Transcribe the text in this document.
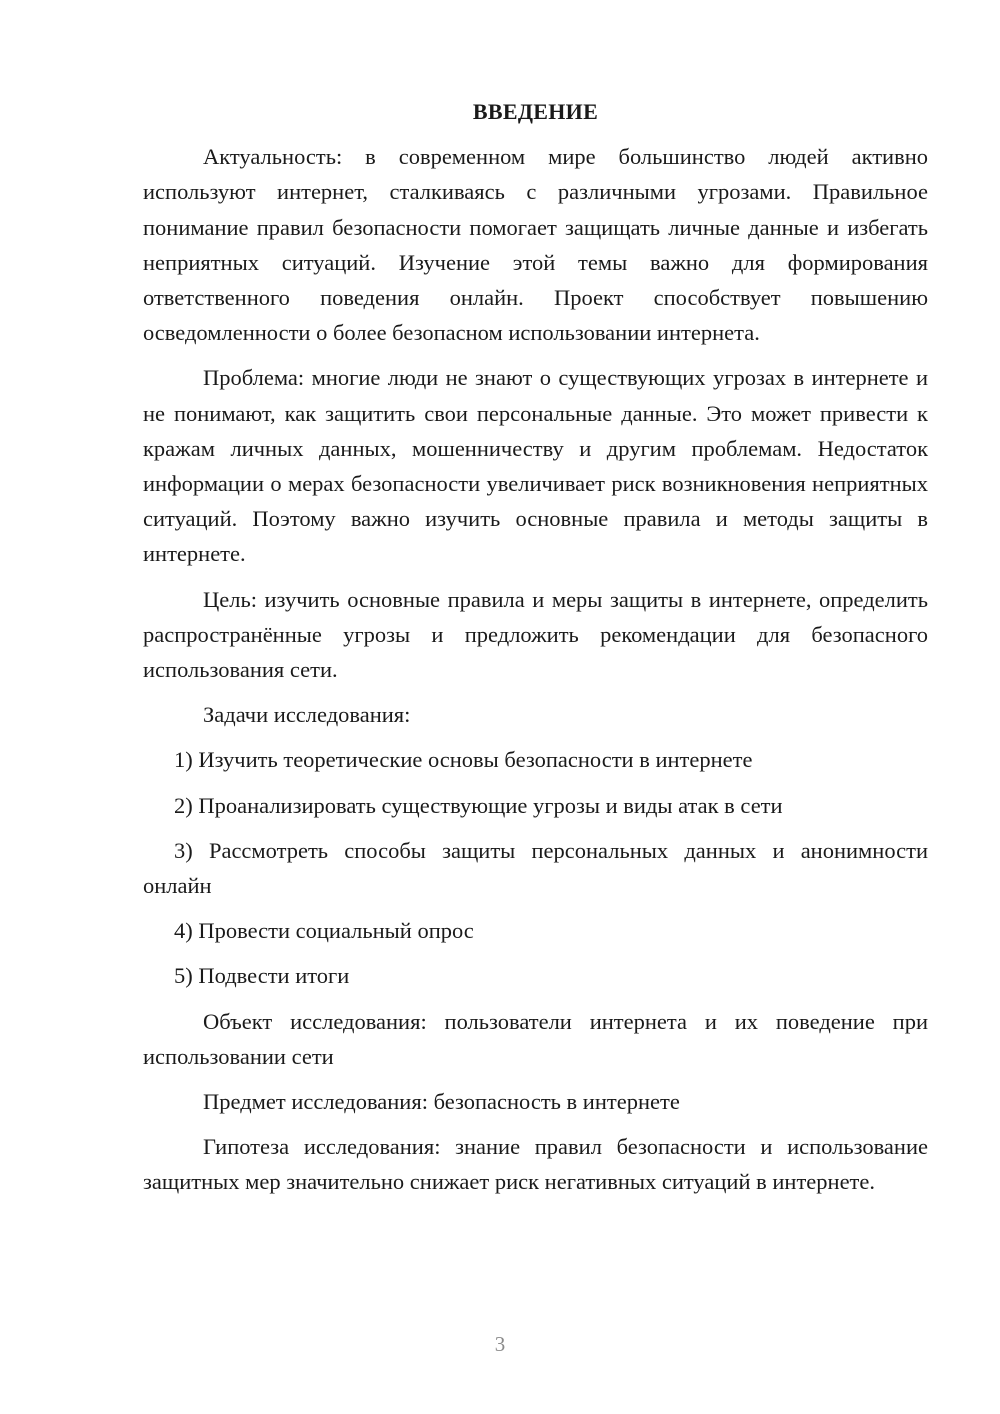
ВВЕДЕНИЕ

Актуальность: в современном мире большинство людей активно используют интернет, сталкиваясь с различными угрозами. Правильное понимание правил безопасности помогает защищать личные данные и избегать неприятных ситуаций. Изучение этой темы важно для формирования ответственного поведения онлайн. Проект способствует повышению осведомленности о более безопасном использовании интернета.

Проблема: многие люди не знают о существующих угрозах в интернете и не понимают, как защитить свои персональные данные. Это может привести к кражам личных данных, мошенничеству и другим проблемам. Недостаток информации о мерах безопасности увеличивает риск возникновения неприятных ситуаций. Поэтому важно изучить основные правила и методы защиты в интернете.

Цель: изучить основные правила и меры защиты в интернете, определить распространённые угрозы и предложить рекомендации для безопасного использования сети.

Задачи исследования:

1) Изучить теоретические основы безопасности в интернете

2) Проанализировать существующие угрозы и виды атак в сети

3) Рассмотреть способы защиты персональных данных и анонимности онлайн

4) Провести социальный опрос

5) Подвести итоги

Объект исследования: пользователи интернета и их поведение при использовании сети

Предмет исследования: безопасность в интернете

Гипотеза исследования: знание правил безопасности и использование защитных мер значительно снижает риск негативных ситуаций в интернете.

3
